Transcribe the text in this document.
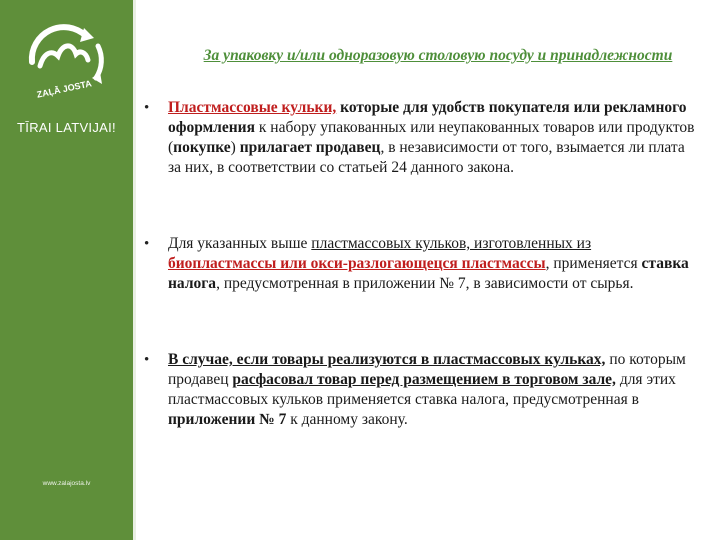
ZAĻĀ JOSTA
TĪRAI LATVIJAI!
www.zalajosta.lv
За упаковку и/или одноразовую столовую посуду и принадлежности
• Пластмассовые кульки, которые для удобств покупателя или рекламного оформления к набору упакованных или неупакованных товаров или продуктов (покупке) прилагает продавец, в независимости от того, взымается ли плата за них, в соответствии со статьей 24 данного закона.
• Для указанных выше пластмассовых кульков, изготовленных из биопластмассы или окси-разлогающецся пластмассы, применяется ставка налога, предусмотренная в приложении № 7, в зависимости от сырья.
• В случае, если товары реализуются в пластмассовых кульках, по которым продавец расфасовал товар перед размещением в торговом зале, для этих пластмассовых кульков применяется ставка налога, предусмотренная в приложении № 7 к данному закону.
